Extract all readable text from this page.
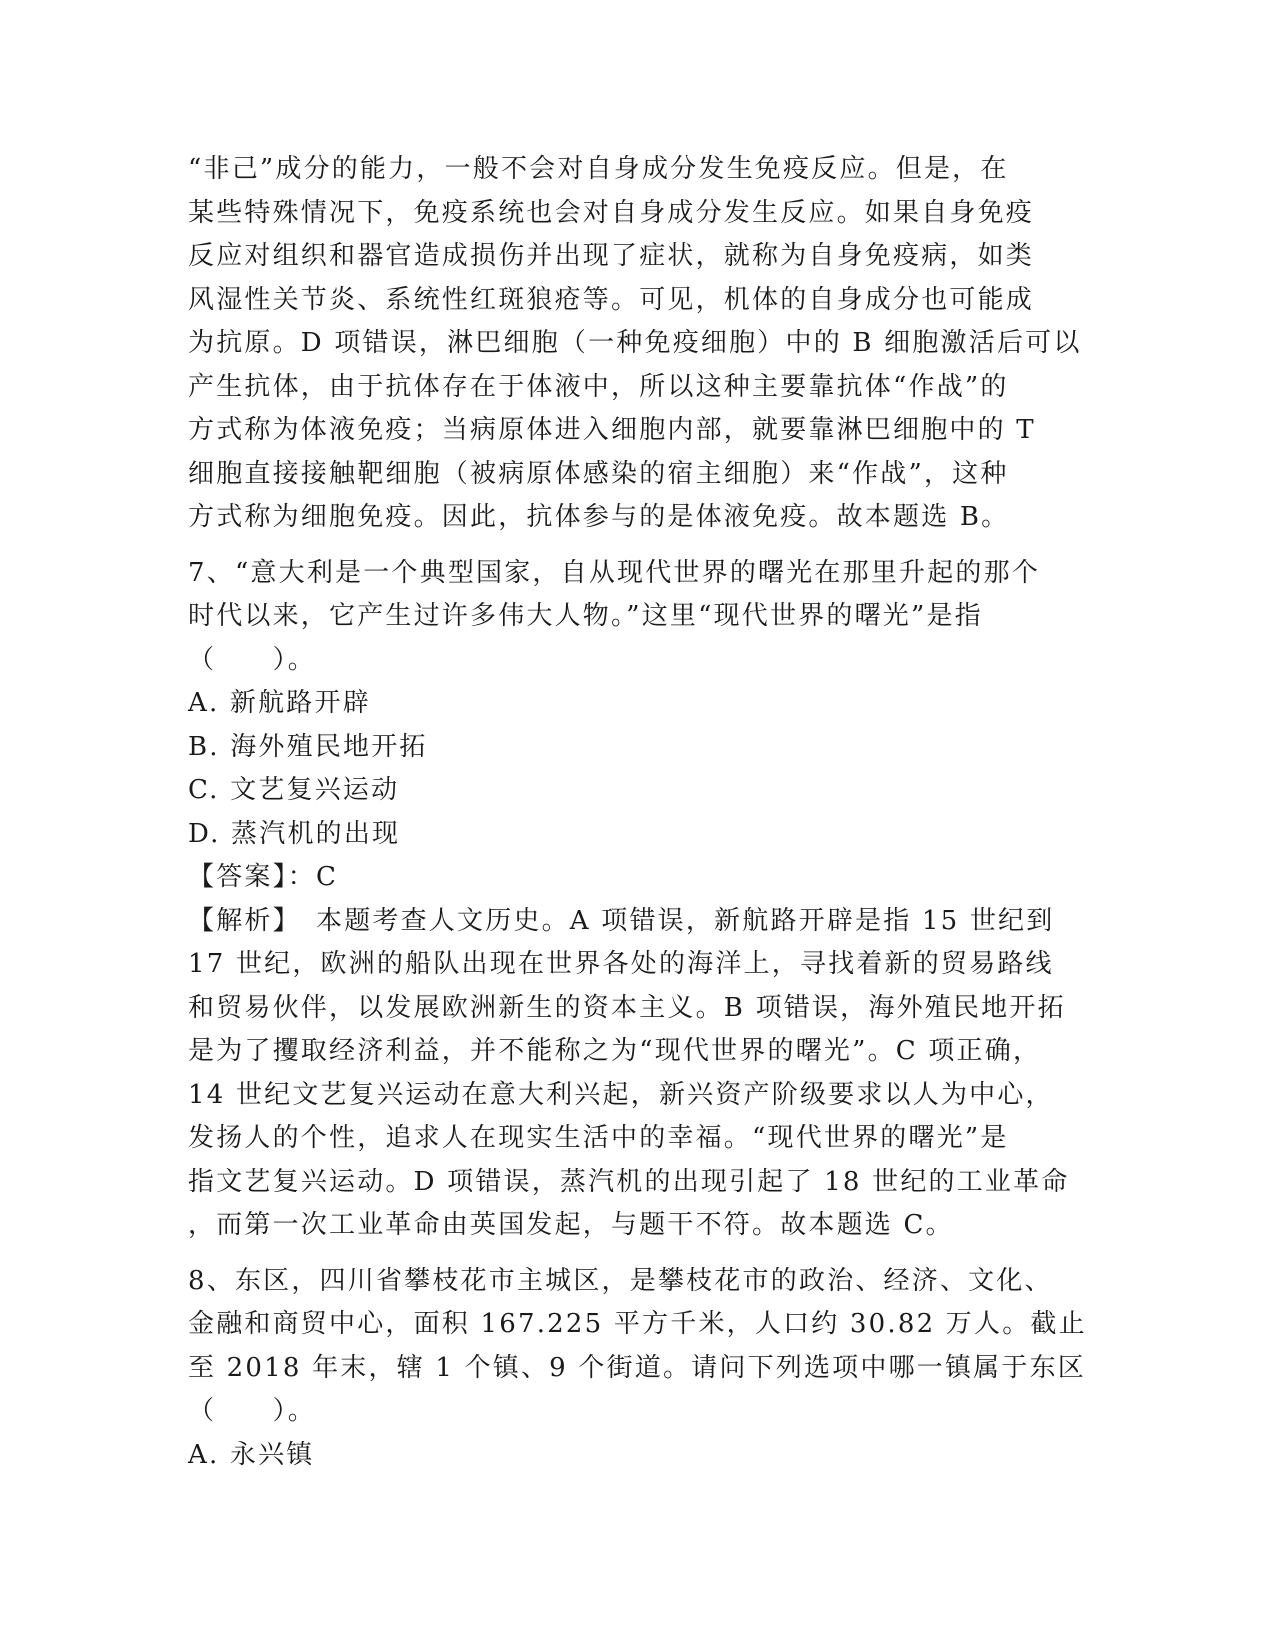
“非己”成分的能力，一般不会对自身成分发生免疫反应。但是，在
某些特殊情况下，免疫系统也会对自身成分发生反应。如果自身免疫
反应对组织和器官造成损伤并出现了症状，就称为自身免疫病，如类
风湿性关节炎、系统性红斑狼疮等。可见，机体的自身成分也可能成
为抗原。D 项错误，淋巴细胞（一种免疫细胞）中的 B 细胞激活后可以
产生抗体，由于抗体存在于体液中，所以这种主要靠抗体“作战”的
方式称为体液免疫；当病原体进入细胞内部，就要靠淋巴细胞中的 T
细胞直接接触靶细胞（被病原体感染的宿主细胞）来“作战”，这种
方式称为细胞免疫。因此，抗体参与的是体液免疫。故本题选 B。
7、“意大利是一个典型国家，自从现代世界的曙光在那里升起的那个
时代以来，它产生过许多伟大人物。”这里“现代世界的曙光”是指
（　　）。

A. 新航路开辟

B. 海外殖民地开拓

C. 文艺复兴运动

D. 蒸汽机的出现

【答案】：C

【解析】　本题考查人文历史。A 项错误，新航路开辟是指 15 世纪到
17 世纪，欧洲的船队出现在世界各处的海洋上，寻找着新的贸易路线
和贸易伙伴，以发展欧洲新生的资本主义。B 项错误，海外殖民地开拓
是为了攫取经济利益，并不能称之为“现代世界的曙光”。C 项正确，
14 世纪文艺复兴运动在意大利兴起，新兴资产阶级要求以人为中心，
发扬人的个性，追求人在现实生活中的幸福。“现代世界的曙光”是
指文艺复兴运动。D 项错误，蒸汽机的出现引起了 18 世纪的工业革命
，而第一次工业革命由英国发起，与题干不符。故本题选 C。
8、东区，四川省攀枝花市主城区，是攀枝花市的政治、经济、文化、
金融和商贸中心，面积 167.225 平方千米，人口约 30.82 万人。截止
至 2018 年末，辖 1 个镇、9 个街道。请问下列选项中哪一镇属于东区
（　　）。

A. 永兴镇
